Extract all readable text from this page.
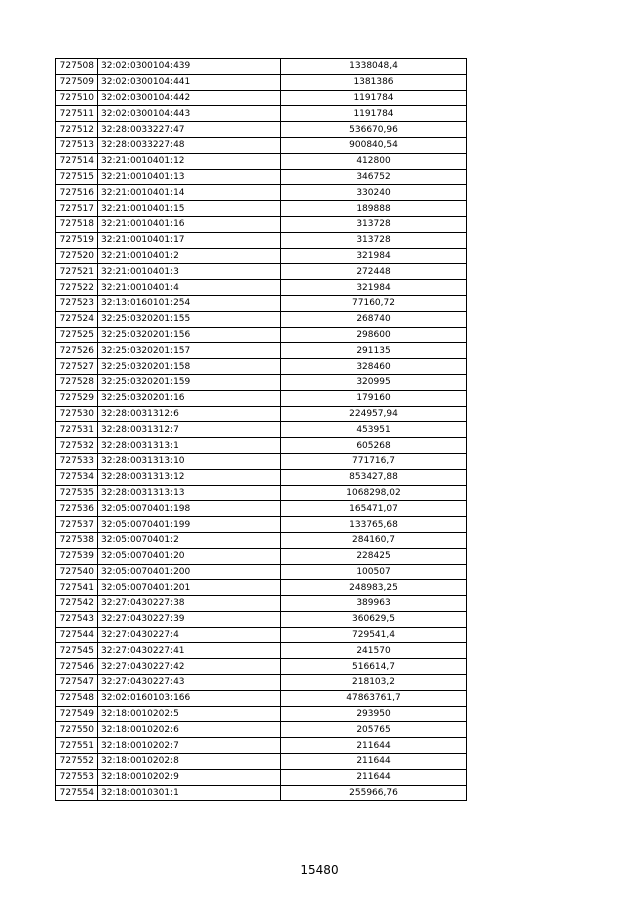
727508	32:02:0300104:439	1338048,4
727509	32:02:0300104:441	1381386
727510	32:02:0300104:442	1191784
727511	32:02:0300104:443	1191784
727512	32:28:0033227:47	536670,96
727513	32:28:0033227:48	900840,54
727514	32:21:0010401:12	412800
727515	32:21:0010401:13	346752
727516	32:21:0010401:14	330240
727517	32:21:0010401:15	189888
727518	32:21:0010401:16	313728
727519	32:21:0010401:17	313728
727520	32:21:0010401:2	321984
727521	32:21:0010401:3	272448
727522	32:21:0010401:4	321984
727523	32:13:0160101:254	77160,72
727524	32:25:0320201:155	268740
727525	32:25:0320201:156	298600
727526	32:25:0320201:157	291135
727527	32:25:0320201:158	328460
727528	32:25:0320201:159	320995
727529	32:25:0320201:16	179160
727530	32:28:0031312:6	224957,94
727531	32:28:0031312:7	453951
727532	32:28:0031313:1	605268
727533	32:28:0031313:10	771716,7
727534	32:28:0031313:12	853427,88
727535	32:28:0031313:13	1068298,02
727536	32:05:0070401:198	165471,07
727537	32:05:0070401:199	133765,68
727538	32:05:0070401:2	284160,7
727539	32:05:0070401:20	228425
727540	32:05:0070401:200	100507
727541	32:05:0070401:201	248983,25
727542	32:27:0430227:38	389963
727543	32:27:0430227:39	360629,5
727544	32:27:0430227:4	729541,4
727545	32:27:0430227:41	241570
727546	32:27:0430227:42	516614,7
727547	32:27:0430227:43	218103,2
727548	32:02:0160103:166	47863761,7
727549	32:18:0010202:5	293950
727550	32:18:0010202:6	205765
727551	32:18:0010202:7	211644
727552	32:18:0010202:8	211644
727553	32:18:0010202:9	211644
727554	32:18:0010301:1	255966,76
15480
